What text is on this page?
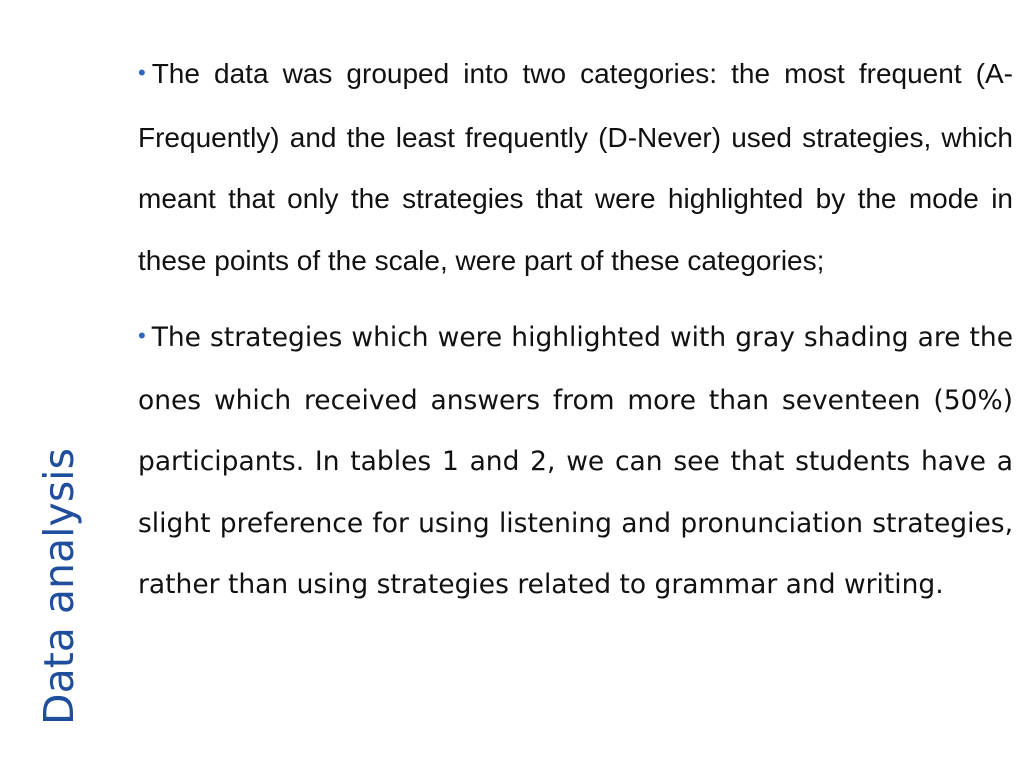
Data analysis

• The data was grouped into two categories: the most frequent (A-Frequently) and the least frequently (D-Never) used strategies, which meant that only the strategies that were highlighted by the mode in these points of the scale, were part of these categories;

• The strategies which were highlighted with gray shading are the ones which received answers from more than seventeen (50%) participants. In tables 1 and 2, we can see that students have a slight preference for using listening and pronunciation strategies, rather than using strategies related to grammar and writing.
